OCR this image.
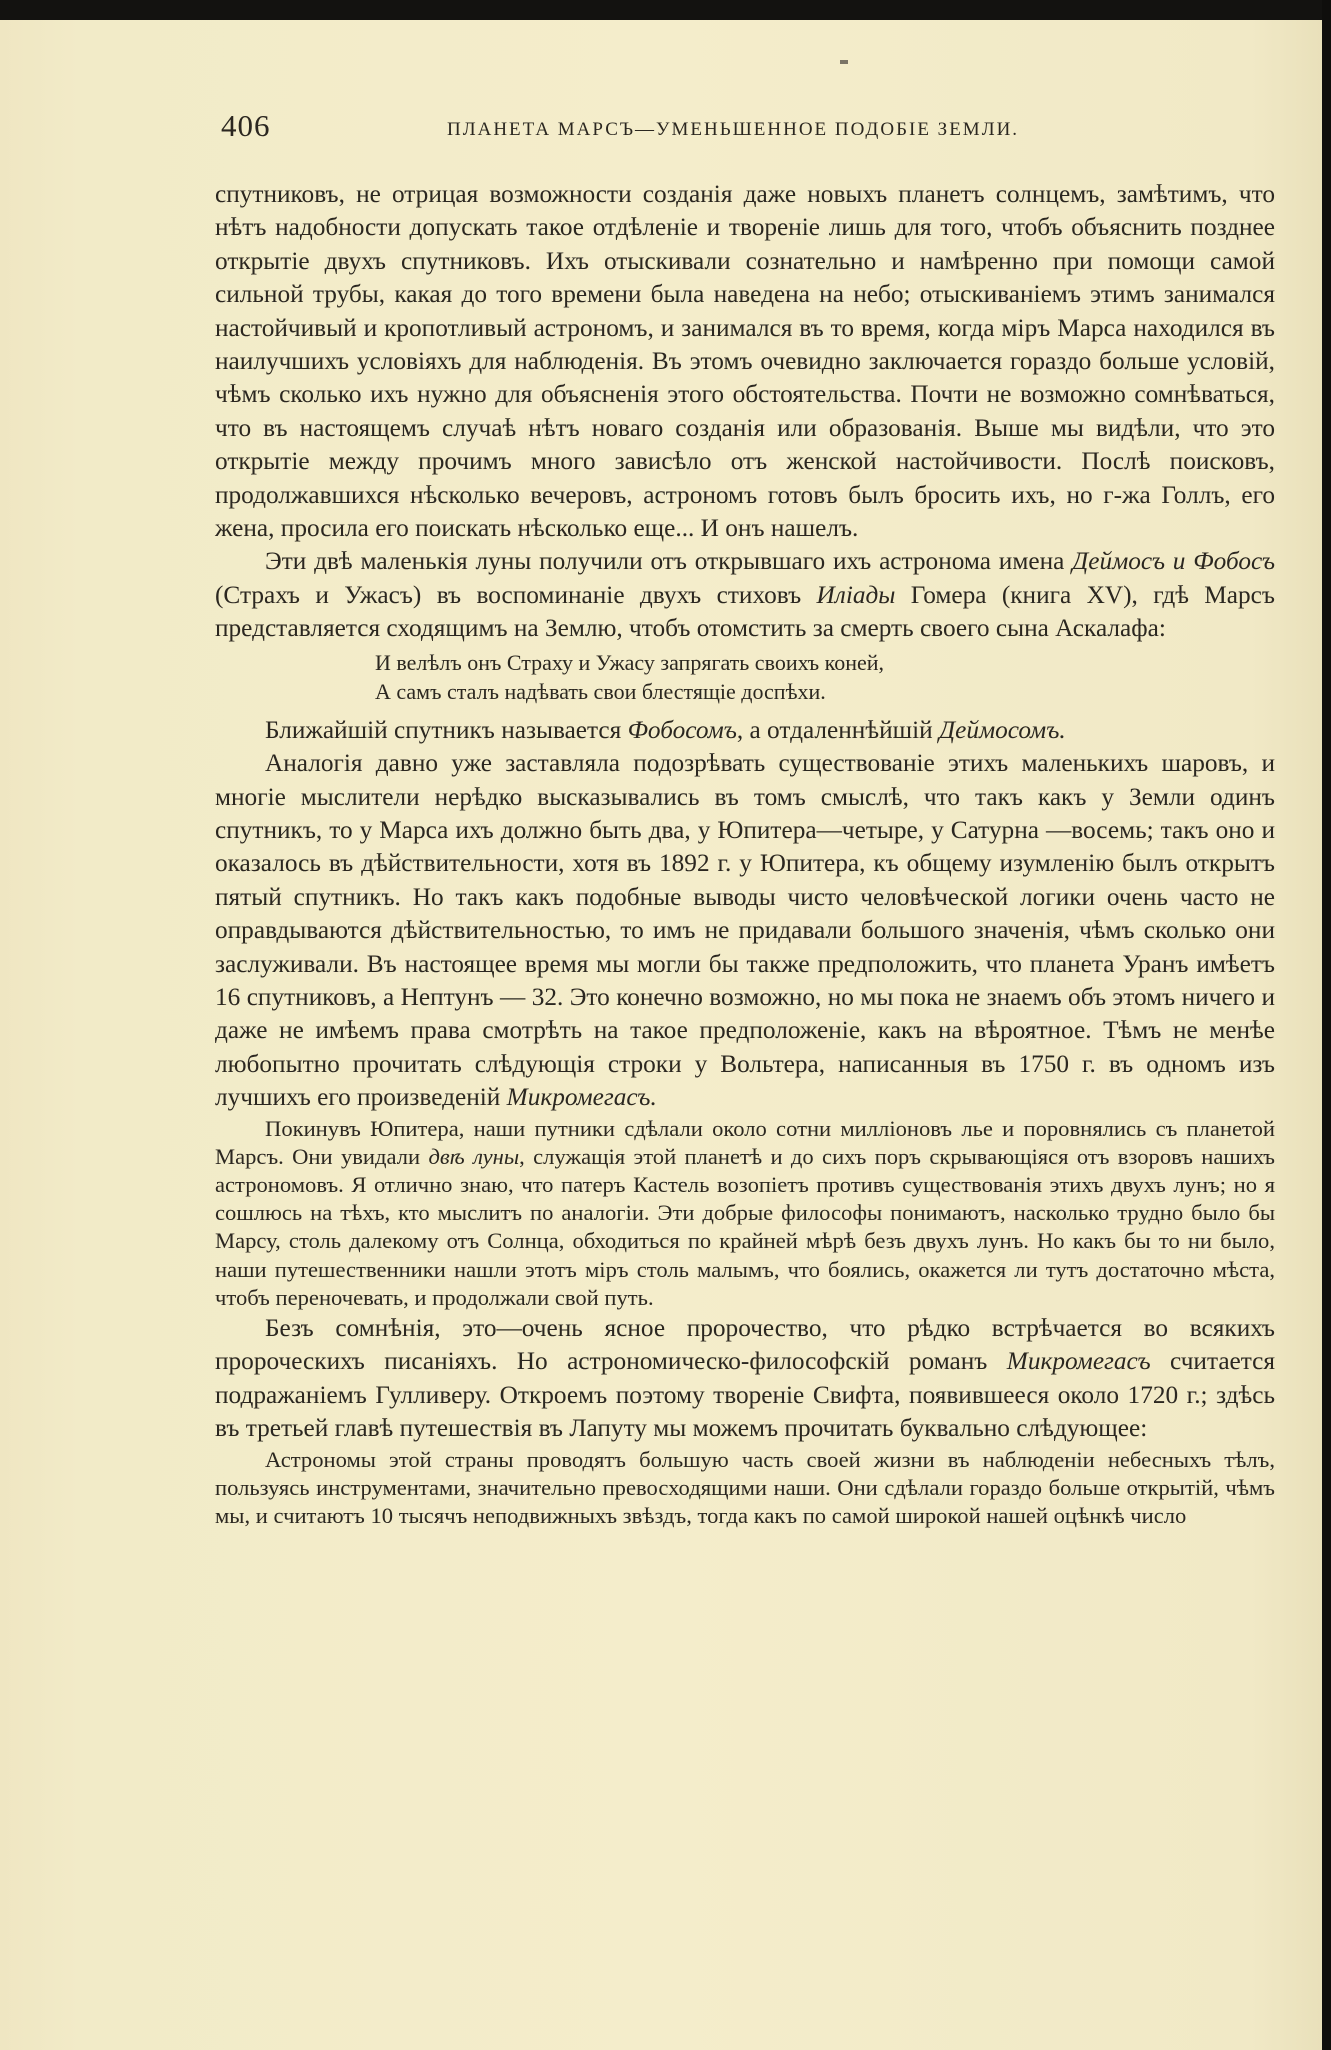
406	ПЛАНЕТА МАРСЪ—УМЕНЬШЕННОЕ ПОДОБІЕ ЗЕМЛИ.

спутниковъ, не отрицая возможности созданія даже новыхъ планетъ солнцемъ, замѣтимъ, что нѣтъ надобности допускать такое отдѣленіе и твореніе лишь для того, чтобъ объяснить позднее открытіе двухъ спутниковъ. Ихъ отыскивали сознательно и намѣренно при помощи самой сильной трубы, какая до того времени была наведена на небо; отыскиваніемъ этимъ занимался настойчивый и кропотливый астрономъ, и занимался въ то время, когда міръ Марса находился въ наилучшихъ условіяхъ для наблюденія. Въ этомъ очевидно заключается гораздо больше условій, чѣмъ сколько ихъ нужно для объясненія этого обстоятельства. Почти не возможно сомнѣваться, что въ настоящемъ случаѣ нѣтъ новаго созданія или образованія. Выше мы видѣли, что это открытіе между прочимъ много зависѣло отъ женской настойчивости. Послѣ поисковъ, продолжавшихся нѣсколько вечеровъ, астрономъ готовъ былъ бросить ихъ, но г-жа Голлъ, его жена, просила его поискать нѣсколько еще... И онъ нашелъ.

Эти двѣ маленькія луны получили отъ открывшаго ихъ астронома имена Деймосъ и Фобосъ (Страхъ и Ужасъ) въ воспоминаніе двухъ стиховъ Иліады Гомера (книга XV), гдѣ Марсъ представляется сходящимъ на Землю, чтобъ отомстить за смерть своего сына Аскалафа:

И велѣлъ онъ Страху и Ужасу запрягать своихъ коней,
А самъ сталъ надѣвать свои блестящіе доспѣхи.

Ближайшій спутникъ называется Фобосомъ, а отдаленнѣйшій Деймосомъ.

Аналогія давно уже заставляла подозрѣвать существованіе этихъ маленькихъ шаровъ, и многіе мыслители нерѣдко высказывались въ томъ смыслѣ, что такъ какъ у Земли одинъ спутникъ, то у Марса ихъ должно быть два, у Юпитера—четыре, у Сатурна —восемь; такъ оно и оказалось въ дѣйствительности, хотя въ 1892 г. у Юпитера, къ общему изумленію былъ открытъ пятый спутникъ. Но такъ какъ подобные выводы чисто человѣческой логики очень часто не оправдываются дѣйствительностью, то имъ не придавали большого значенія, чѣмъ сколько они заслуживали. Въ настоящее время мы могли бы также предположить, что планета Уранъ имѣетъ 16 спутниковъ, а Нептунъ — 32. Это конечно возможно, но мы пока не знаемъ объ этомъ ничего и даже не имѣемъ права смотрѣть на такое предположеніе, какъ на вѣроятное. Тѣмъ не менѣе любопытно прочитать слѣдующія строки у Вольтера, написанныя въ 1750 г. въ одномъ изъ лучшихъ его произведеній Микромегасъ.

Покинувъ Юпитера, наши путники сдѣлали около сотни милліоновъ лье и поровнялись съ планетой Марсъ. Они увидали двѣ луны, служащія этой планетѣ и до сихъ поръ скрывающіяся отъ взоровъ нашихъ астрономовъ. Я отлично знаю, что патеръ Кастель возопіетъ противъ существованія этихъ двухъ лунъ; но я сошлюсь на тѣхъ, кто мыслитъ по аналогіи. Эти добрые философы понимаютъ, насколько трудно было бы Марсу, столь далекому отъ Солнца, обходиться по крайней мѣрѣ безъ двухъ лунъ. Но какъ бы то ни было, наши путешественники нашли этотъ міръ столь малымъ, что боялись, окажется ли тутъ достаточно мѣста, чтобъ переночевать, и продолжали свой путь.

Безъ сомнѣнія, это—очень ясное пророчество, что рѣдко встрѣчается во всякихъ пророческихъ писаніяхъ. Но астрономическо-философскій романъ Микромегасъ считается подражаніемъ Гулливеру. Откроемъ поэтому твореніе Свифта, появившееся около 1720 г.; здѣсь въ третьей главѣ путешествія въ Лапуту мы можемъ прочитать буквально слѣдующее:

Астрономы этой страны проводятъ большую часть своей жизни въ наблюденіи небесныхъ тѣлъ, пользуясь инструментами, значительно превосходящими наши. Они сдѣлали гораздо больше открытій, чѣмъ мы, и считаютъ 10 тысячъ неподвижныхъ звѣздъ, тогда какъ по самой широкой нашей оцѣнкѣ число
